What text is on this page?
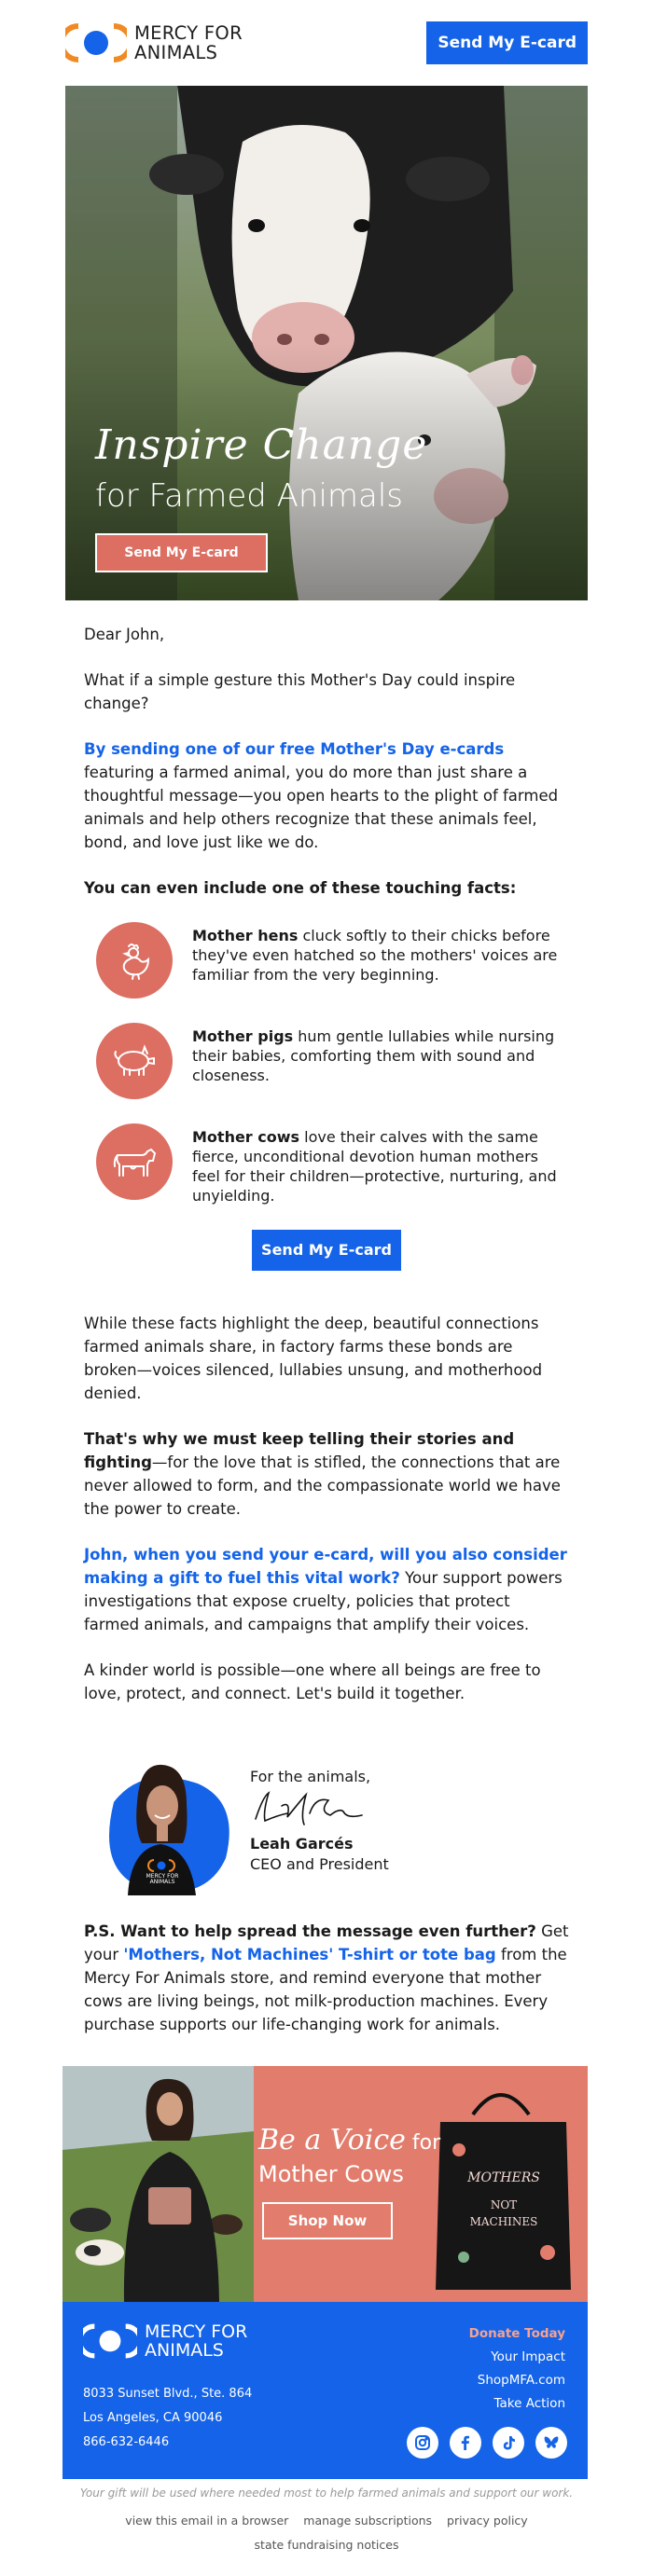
MERCY FOR
ANIMALS	Send My E-card
Inspire Change
for Farmed Animals
Send My E-card

Dear John,

What if a simple gesture this Mother's Day could inspire change?

By sending one of our free Mother's Day e-cards featuring a farmed animal, you do more than just share a thoughtful message—you open hearts to the plight of farmed animals and help others recognize that these animals feel, bond, and love just like we do.

You can even include one of these touching facts:

Mother hens cluck softly to their chicks before they've even hatched so the mothers' voices are familiar from the very beginning.
Mother pigs hum gentle lullabies while nursing their babies, comforting them with sound and closeness.
Mother cows love their calves with the same fierce, unconditional devotion human mothers feel for their children—protective, nurturing, and unyielding.
Send My E-card

While these facts highlight the deep, beautiful connections farmed animals share, in factory farms these bonds are broken—voices silenced, lullabies unsung, and motherhood denied.

That's why we must keep telling their stories and fighting—for the love that is stifled, the connections that are never allowed to form, and the compassionate world we have the power to create.

John, when you send your e-card, will you also consider making a gift to fuel this vital work? Your support powers investigations that expose cruelty, policies that protect farmed animals, and campaigns that amplify their voices.

A kinder world is possible—one where all beings are free to love, protect, and connect. Let's build it together.

MERCY FOR
ANIMALS
For the animals,
Leah Garcés
CEO and President

P.S. Want to help spread the message even further? Get your 'Mothers, Not Machines' T-shirt or tote bag from the Mercy For Animals store, and remind everyone that mother cows are living beings, not milk-production machines. Every purchase supports our life-changing work for animals.

Be a Voice for
Mother Cows
Shop Now
MOTHERS
NOT
MACHINES
MERCY FOR
ANIMALS
8033 Sunset Blvd., Ste. 864
Los Angeles, CA 90046
866-632-6446
Donate Today
Your Impact
ShopMFA.com
Take Action
Your gift will be used where needed most to help farmed animals and support our work.
view this email in a browser manage subscriptions privacy policy
state fundraising notices
